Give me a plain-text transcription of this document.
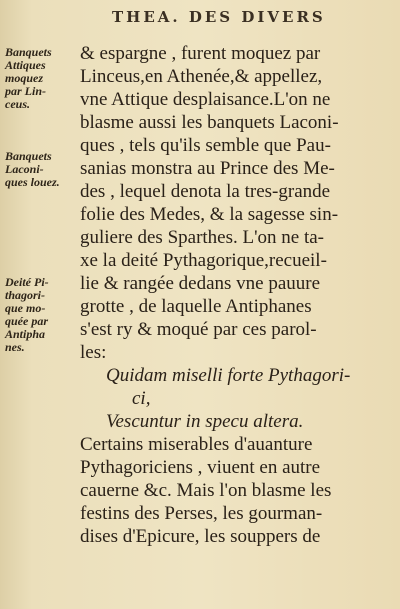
THEA. DES DIVERS
Banquets
Attiques
moquez
par Lin-
ceus.
Banquets
Laconi-
ques louez.
Deité Pi-
thagori-
que mo-
quée par
Antipha
nes.
& espargne , furent moquez par
Linceus,en Athenée,& appellez,
vne Attique desplaisance.L'on ne
blasme aussi les banquets Laconi-
ques , tels qu'ils semble que Pau-
sanias monstra au Prince des Me-
des , lequel denota la tres-grande
folie des Medes, & la sagesse sin-
guliere des Sparthes. L'on ne ta-
xe la deité Pythagorique,recueil-
lie & rangée dedans vne pauure
grotte , de laquelle Antiphanes
s'est ry & moqué par ces parol-
les:
Quidam miselli forte Pythagori-
ci,
Vescuntur in specu altera.
Certains miserables d'auanture
Pythagoriciens , viuent en autre
cauerne &c. Mais l'on blasme les
festins des Perses, les gourman-
dises d'Epicure, les souppers de
